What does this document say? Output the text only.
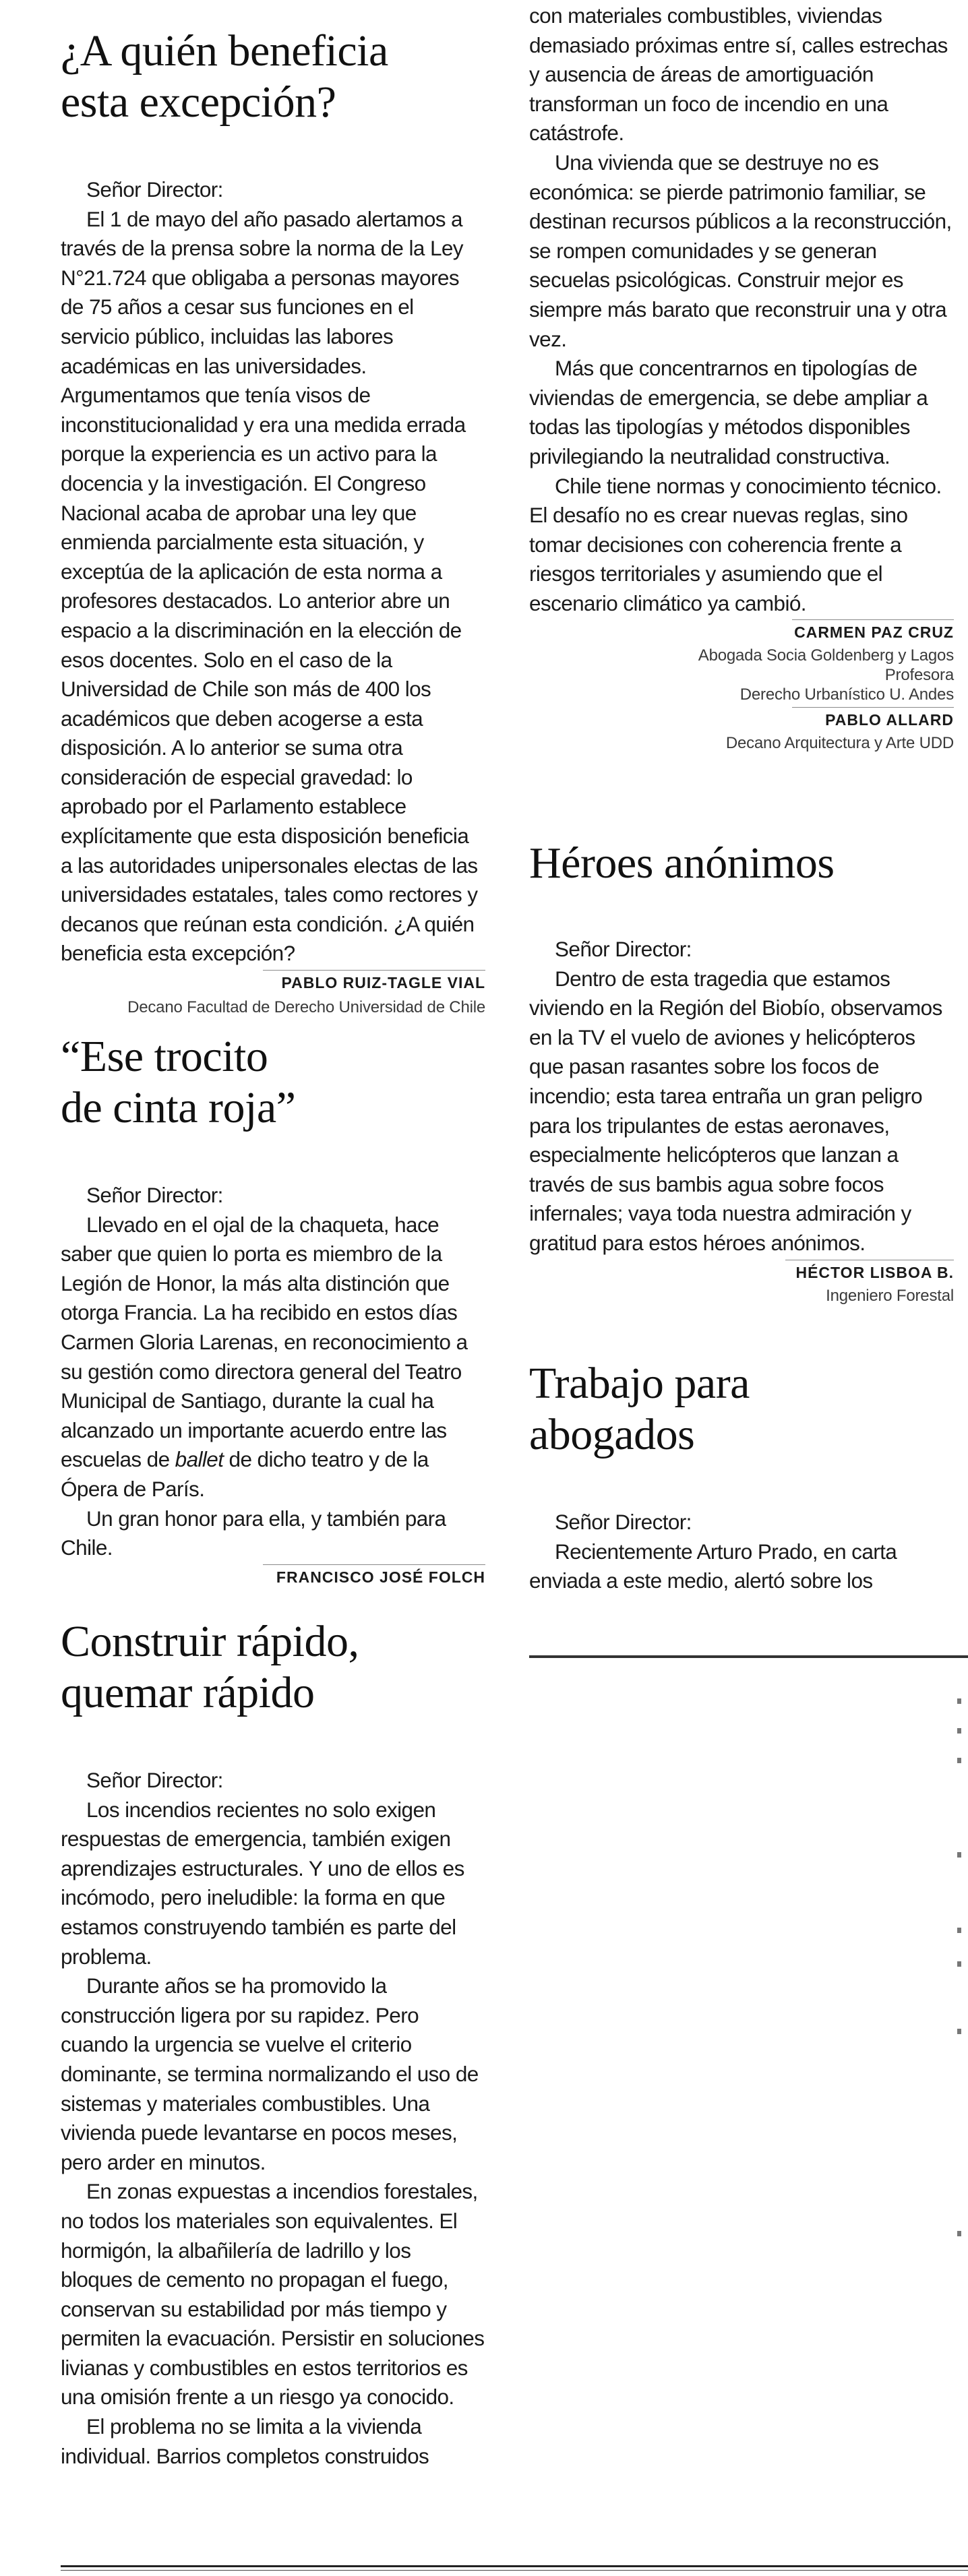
¿A quién beneficia
esta excepción?

Señor Director:

El 1 de mayo del año pasado alertamos a través de la prensa sobre la norma de la Ley N°21.724 que obligaba a personas mayores de 75 años a cesar sus funciones en el servicio público, incluidas las labores académicas en las universidades. Argumentamos que tenía visos de inconstitucionalidad y era una medida errada porque la experiencia es un activo para la docencia y la investigación. El Congreso Nacional acaba de aprobar una ley que enmienda parcialmente esta situación, y exceptúa de la aplicación de esta norma a profesores destacados. Lo anterior abre un espacio a la discriminación en la elección de esos docentes. Solo en el caso de la Universidad de Chile son más de 400 los académicos que deben acogerse a esta disposición. A lo anterior se suma otra consideración de especial gravedad: lo aprobado por el Parlamento establece explícitamente que esta disposición beneficia a las autoridades unipersonales electas de las universidades estatales, tales como rectores y decanos que reúnan esta condición. ¿A quién beneficia esta excepción?

PABLO RUIZ-TAGLE VIAL
Decano Facultad de Derecho Universidad de Chile
“Ese trocito
de cinta roja”

Señor Director:

Llevado en el ojal de la chaqueta, hace saber que quien lo porta es miembro de la Legión de Honor, la más alta distinción que otorga Francia. La ha recibido en estos días Carmen Gloria Larenas, en reconocimiento a su gestión como directora general del Teatro Municipal de Santiago, durante la cual ha alcanzado un importante acuerdo entre las escuelas de ballet de dicho teatro y de la Ópera de París.

Un gran honor para ella, y también para Chile.

FRANCISCO JOSÉ FOLCH
Construir rápido,
quemar rápido

Señor Director:

Los incendios recientes no solo exigen respuestas de emergencia, también exigen aprendizajes estructurales. Y uno de ellos es incómodo, pero ineludible: la forma en que estamos construyendo también es parte del problema.

Durante años se ha promovido la construcción ligera por su rapidez. Pero cuando la urgencia se vuelve el criterio dominante, se termina normalizando el uso de sistemas y materiales combustibles. Una vivienda puede levantarse en pocos meses, pero arder en minutos.

En zonas expuestas a incendios forestales, no todos los materiales son equivalentes. El hormigón, la albañilería de ladrillo y los bloques de cemento no propagan el fuego, conservan su estabilidad por más tiempo y permiten la evacuación. Persistir en soluciones livianas y combustibles en estos territorios es una omisión frente a un riesgo ya conocido.

El problema no se limita a la vivienda individual. Barrios completos construidos

con materiales combustibles, viviendas demasiado próximas entre sí, calles estrechas y ausencia de áreas de amortiguación transforman un foco de incendio en una catástrofe.

Una vivienda que se destruye no es económica: se pierde patrimonio familiar, se destinan recursos públicos a la reconstrucción, se rompen comunidades y se generan secuelas psicológicas. Construir mejor es siempre más barato que reconstruir una y otra vez.

Más que concentrarnos en tipologías de viviendas de emergencia, se debe ampliar a todas las tipologías y métodos disponibles privilegiando la neutralidad constructiva.

Chile tiene normas y conocimiento técnico. El desafío no es crear nuevas reglas, sino tomar decisiones con coherencia frente a riesgos territoriales y asumiendo que el escenario climático ya cambió.

CARMEN PAZ CRUZ
Abogada Socia Goldenberg y Lagos
Profesora
Derecho Urbanístico U. Andes
PABLO ALLARD
Decano Arquitectura y Arte UDD
Héroes anónimos

Señor Director:

Dentro de esta tragedia que estamos viviendo en la Región del Biobío, observamos en la TV el vuelo de aviones y helicópteros que pasan rasantes sobre los focos de incendio; esta tarea entraña un gran peligro para los tripulantes de estas aeronaves, especialmente helicópteros que lanzan a través de sus bambis agua sobre focos infernales; vaya toda nuestra admiración y gratitud para estos héroes anónimos.

HÉCTOR LISBOA B.
Ingeniero Forestal
Trabajo para
abogados

Señor Director:

Recientemente Arturo Prado, en carta enviada a este medio, alertó sobre los
